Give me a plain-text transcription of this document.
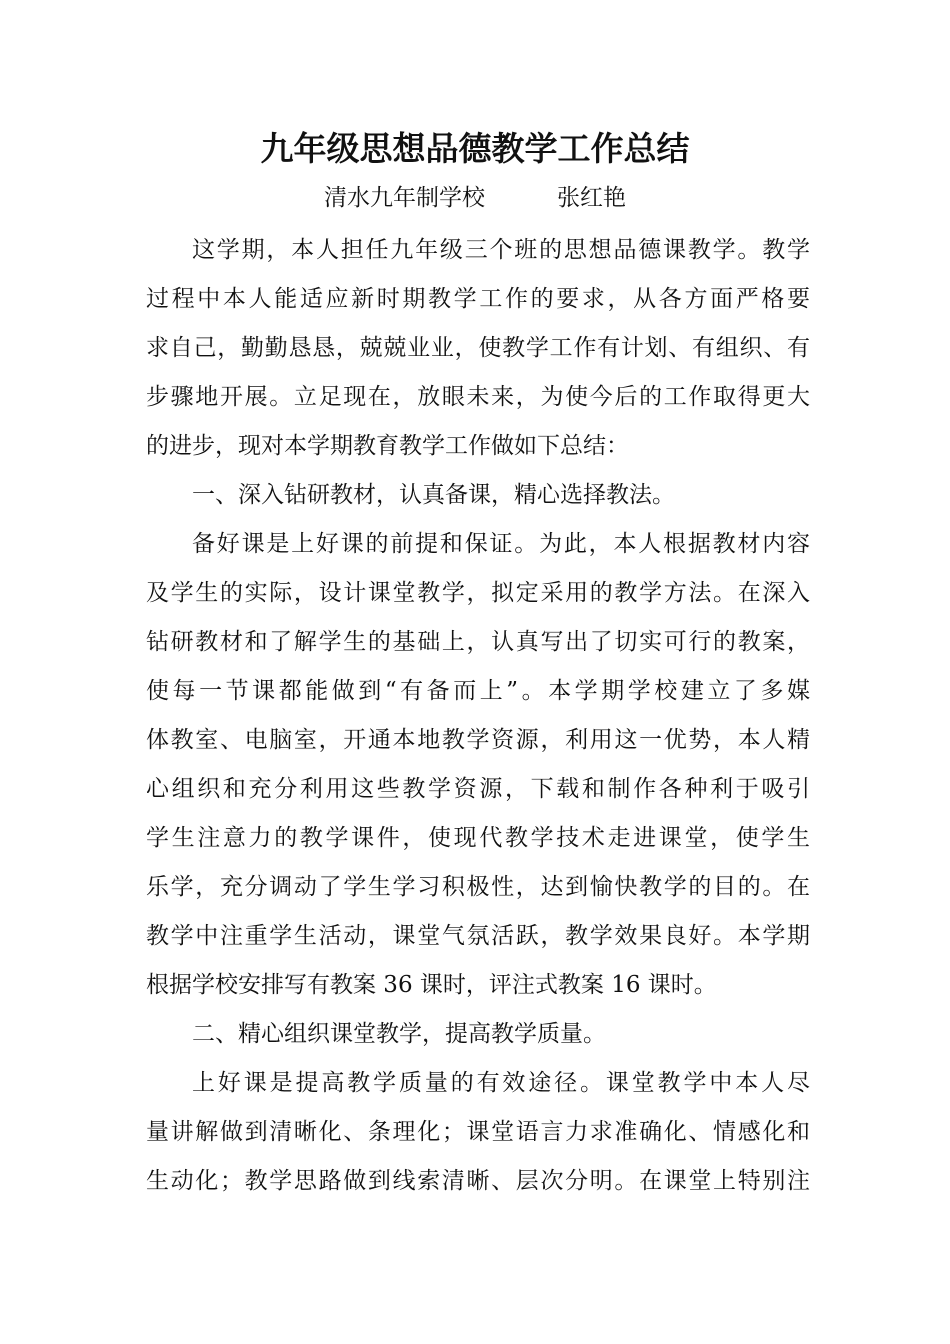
九年级思想品德教学工作总结
清水九年制学校	张红艳
这学期，本人担任九年级三个班的思想品德课教学。教学
过程中本人能适应新时期教学工作的要求，从各方面严格要
求自己，勤勤恳恳，兢兢业业，使教学工作有计划、有组织、有
步骤地开展。立足现在，放眼未来，为使今后的工作取得更大
的进步，现对本学期教育教学工作做如下总结：
一、深入钻研教材，认真备课，精心选择教法。
备好课是上好课的前提和保证。为此，本人根据教材内容
及学生的实际，设计课堂教学，拟定采用的教学方法。在深入
钻研教材和了解学生的基础上，认真写出了切实可行的教案，
使每一节课都能做到“有备而上”。本学期学校建立了多媒
体教室、电脑室，开通本地教学资源，利用这一优势，本人精
心组织和充分利用这些教学资源，下载和制作各种利于吸引
学生注意力的教学课件，使现代教学技术走进课堂，使学生
乐学，充分调动了学生学习积极性，达到愉快教学的目的。在
教学中注重学生活动，课堂气氛活跃，教学效果良好。本学期
根据学校安排写有教案 36 课时，评注式教案 16 课时。
二、精心组织课堂教学，提高教学质量。
上好课是提高教学质量的有效途径。课堂教学中本人尽
量讲解做到清晰化、条理化；课堂语言力求准确化、情感化和
生动化；教学思路做到线索清晰、层次分明。在课堂上特别注
